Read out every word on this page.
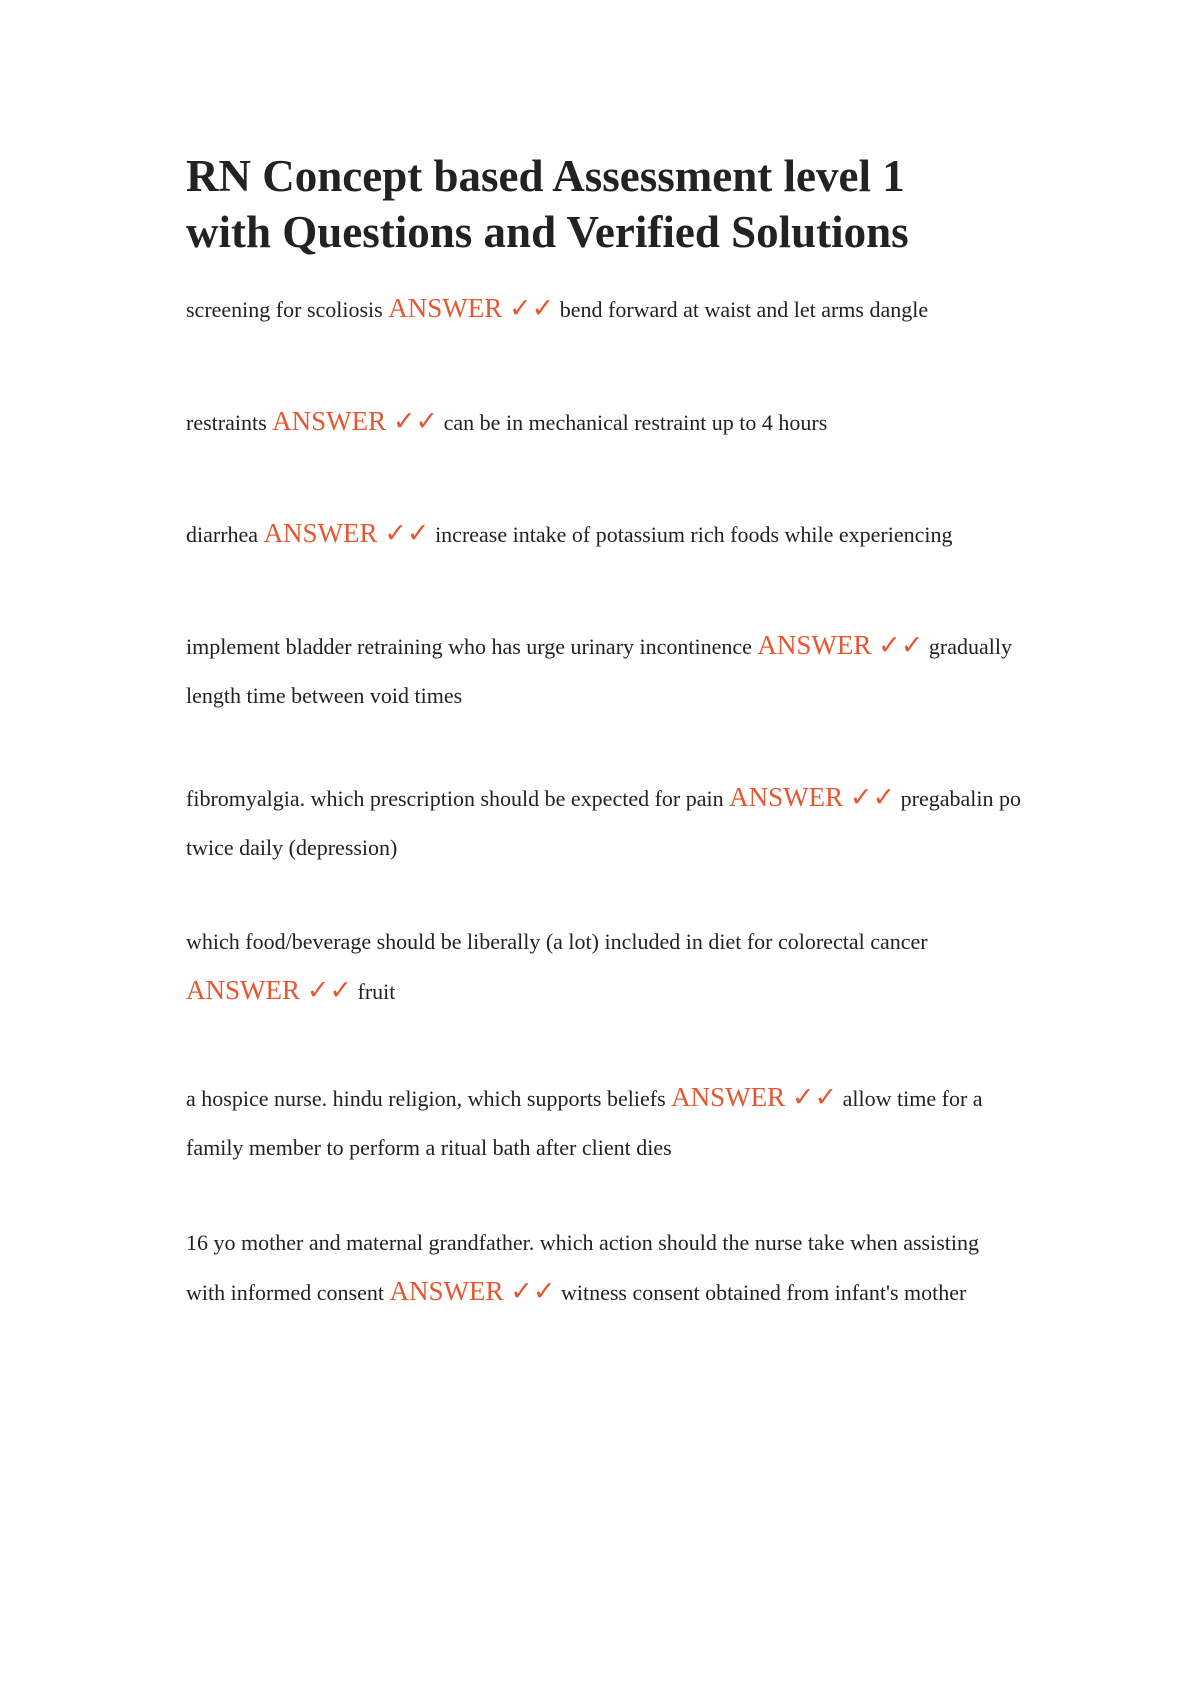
RN Concept based Assessment level 1
with Questions and Verified Solutions
screening for scoliosis ANSWER ✓✓ bend forward at waist and let arms dangle
restraints ANSWER ✓✓ can be in mechanical restraint up to 4 hours
diarrhea ANSWER ✓✓ increase intake of potassium rich foods while experiencing
implement bladder retraining who has urge urinary incontinence ANSWER ✓✓ gradually
length time between void times
fibromyalgia. which prescription should be expected for pain ANSWER ✓✓ pregabalin po
twice daily (depression)
which food/beverage should be liberally (a lot) included in diet for colorectal cancer
ANSWER ✓✓ fruit
a hospice nurse. hindu religion, which supports beliefs ANSWER ✓✓ allow time for a
family member to perform a ritual bath after client dies
16 yo mother and maternal grandfather. which action should the nurse take when assisting
with informed consent ANSWER ✓✓ witness consent obtained from infant's mother
